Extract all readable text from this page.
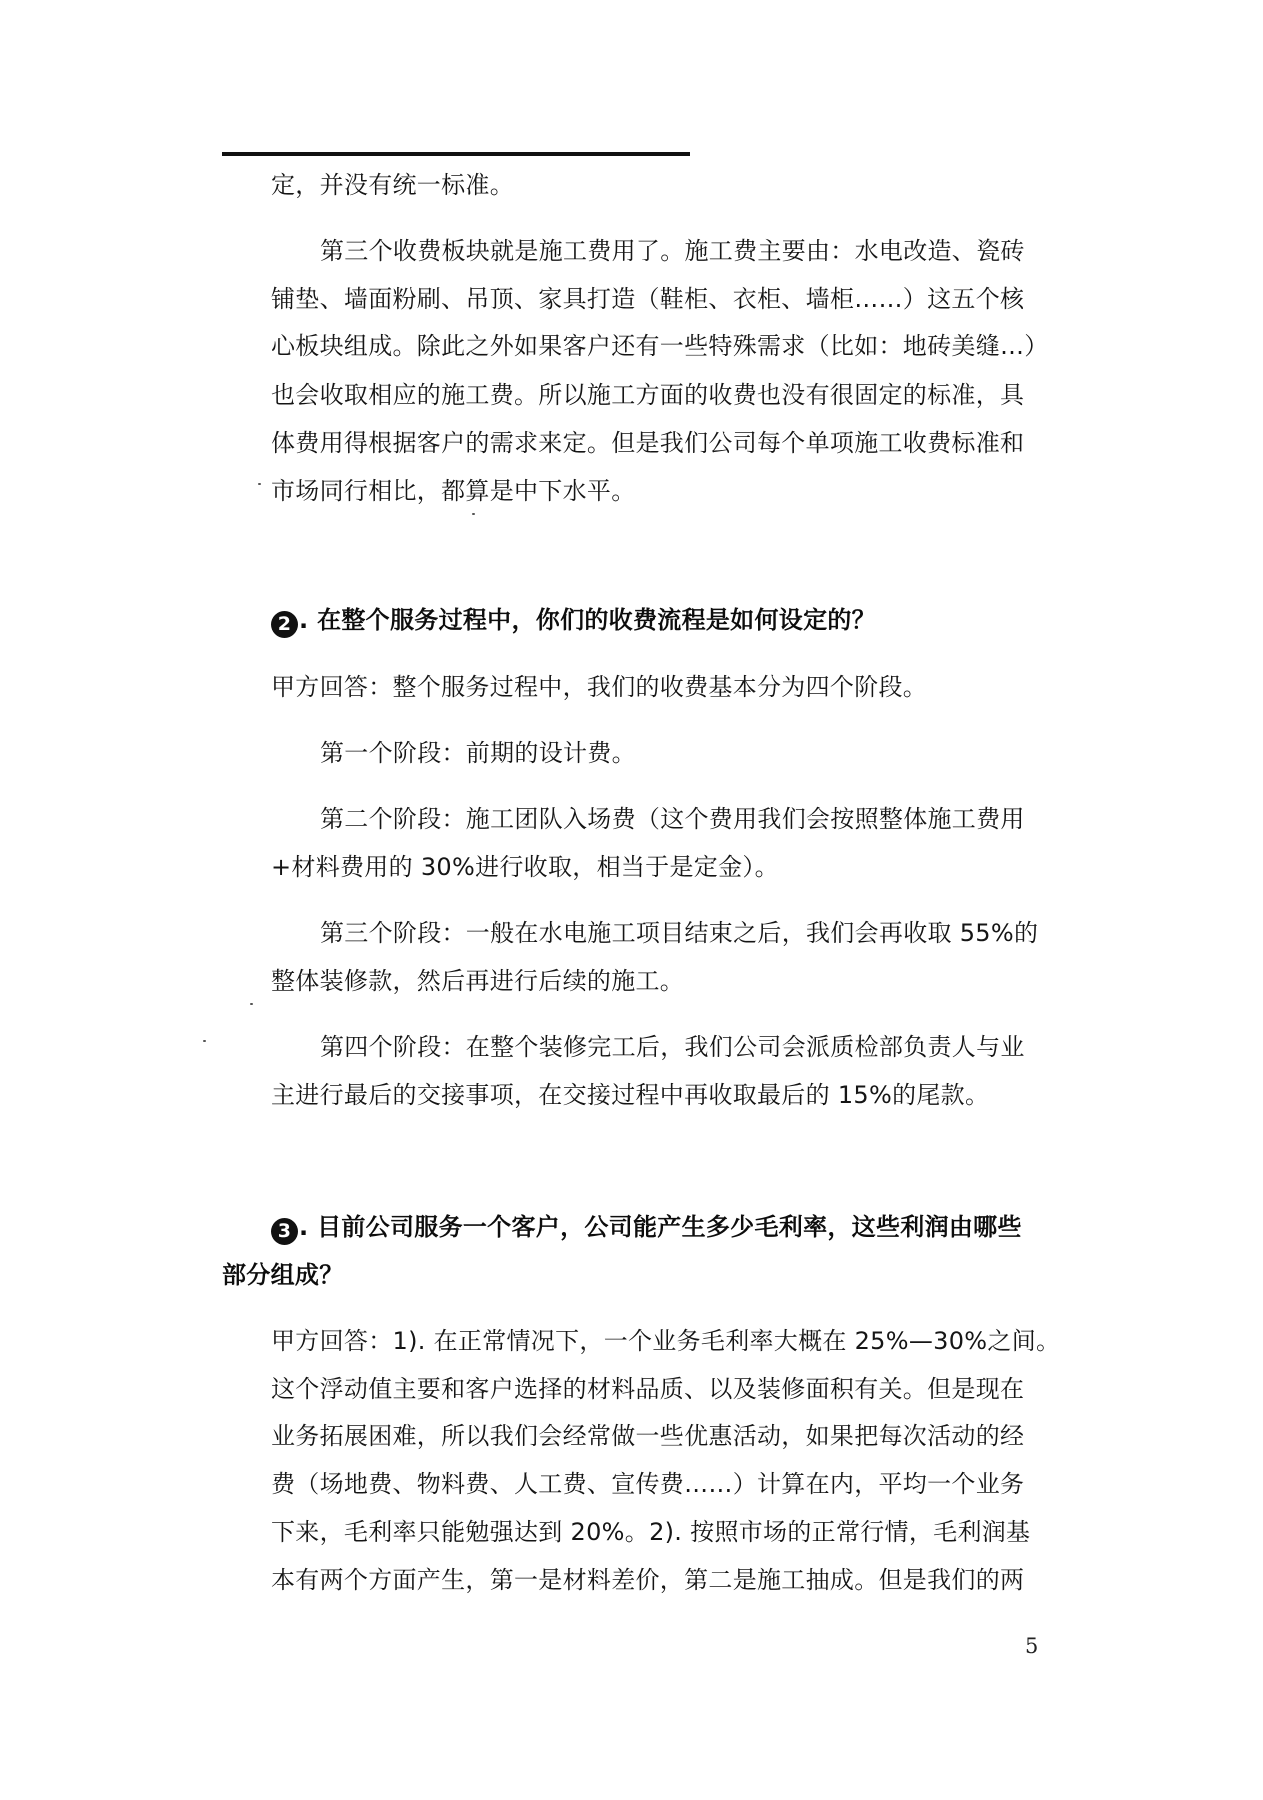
定，并没有统一标准。
第三个收费板块就是施工费用了。施工费主要由：水电改造、瓷砖
铺垫、墙面粉刷、吊顶、家具打造（鞋柜、衣柜、墙柜……）这五个核
心板块组成。除此之外如果客户还有一些特殊需求（比如：地砖美缝…）
也会收取相应的施工费。所以施工方面的收费也没有很固定的标准，具
体费用得根据客户的需求来定。但是我们公司每个单项施工收费标准和
市场同行相比，都算是中下水平。
2 . 在整个服务过程中，你们的收费流程是如何设定的？
甲方回答：整个服务过程中，我们的收费基本分为四个阶段。
第一个阶段：前期的设计费。
第二个阶段：施工团队入场费（这个费用我们会按照整体施工费用
+材料费用的 30%进行收取，相当于是定金）。
第三个阶段：一般在水电施工项目结束之后，我们会再收取 55%的
整体装修款，然后再进行后续的施工。
第四个阶段：在整个装修完工后，我们公司会派质检部负责人与业
主进行最后的交接事项，在交接过程中再收取最后的 15%的尾款。
3 . 目前公司服务一个客户，公司能产生多少毛利率，这些利润由哪些
部分组成？
甲方回答：1). 在正常情况下，一个业务毛利率大概在 25%—30%之间。
这个浮动值主要和客户选择的材料品质、以及装修面积有关。但是现在
业务拓展困难，所以我们会经常做一些优惠活动，如果把每次活动的经
费（场地费、物料费、人工费、宣传费……）计算在内，平均一个业务
下来，毛利率只能勉强达到 20%。2). 按照市场的正常行情，毛利润基
本有两个方面产生，第一是材料差价，第二是施工抽成。但是我们的两
5
